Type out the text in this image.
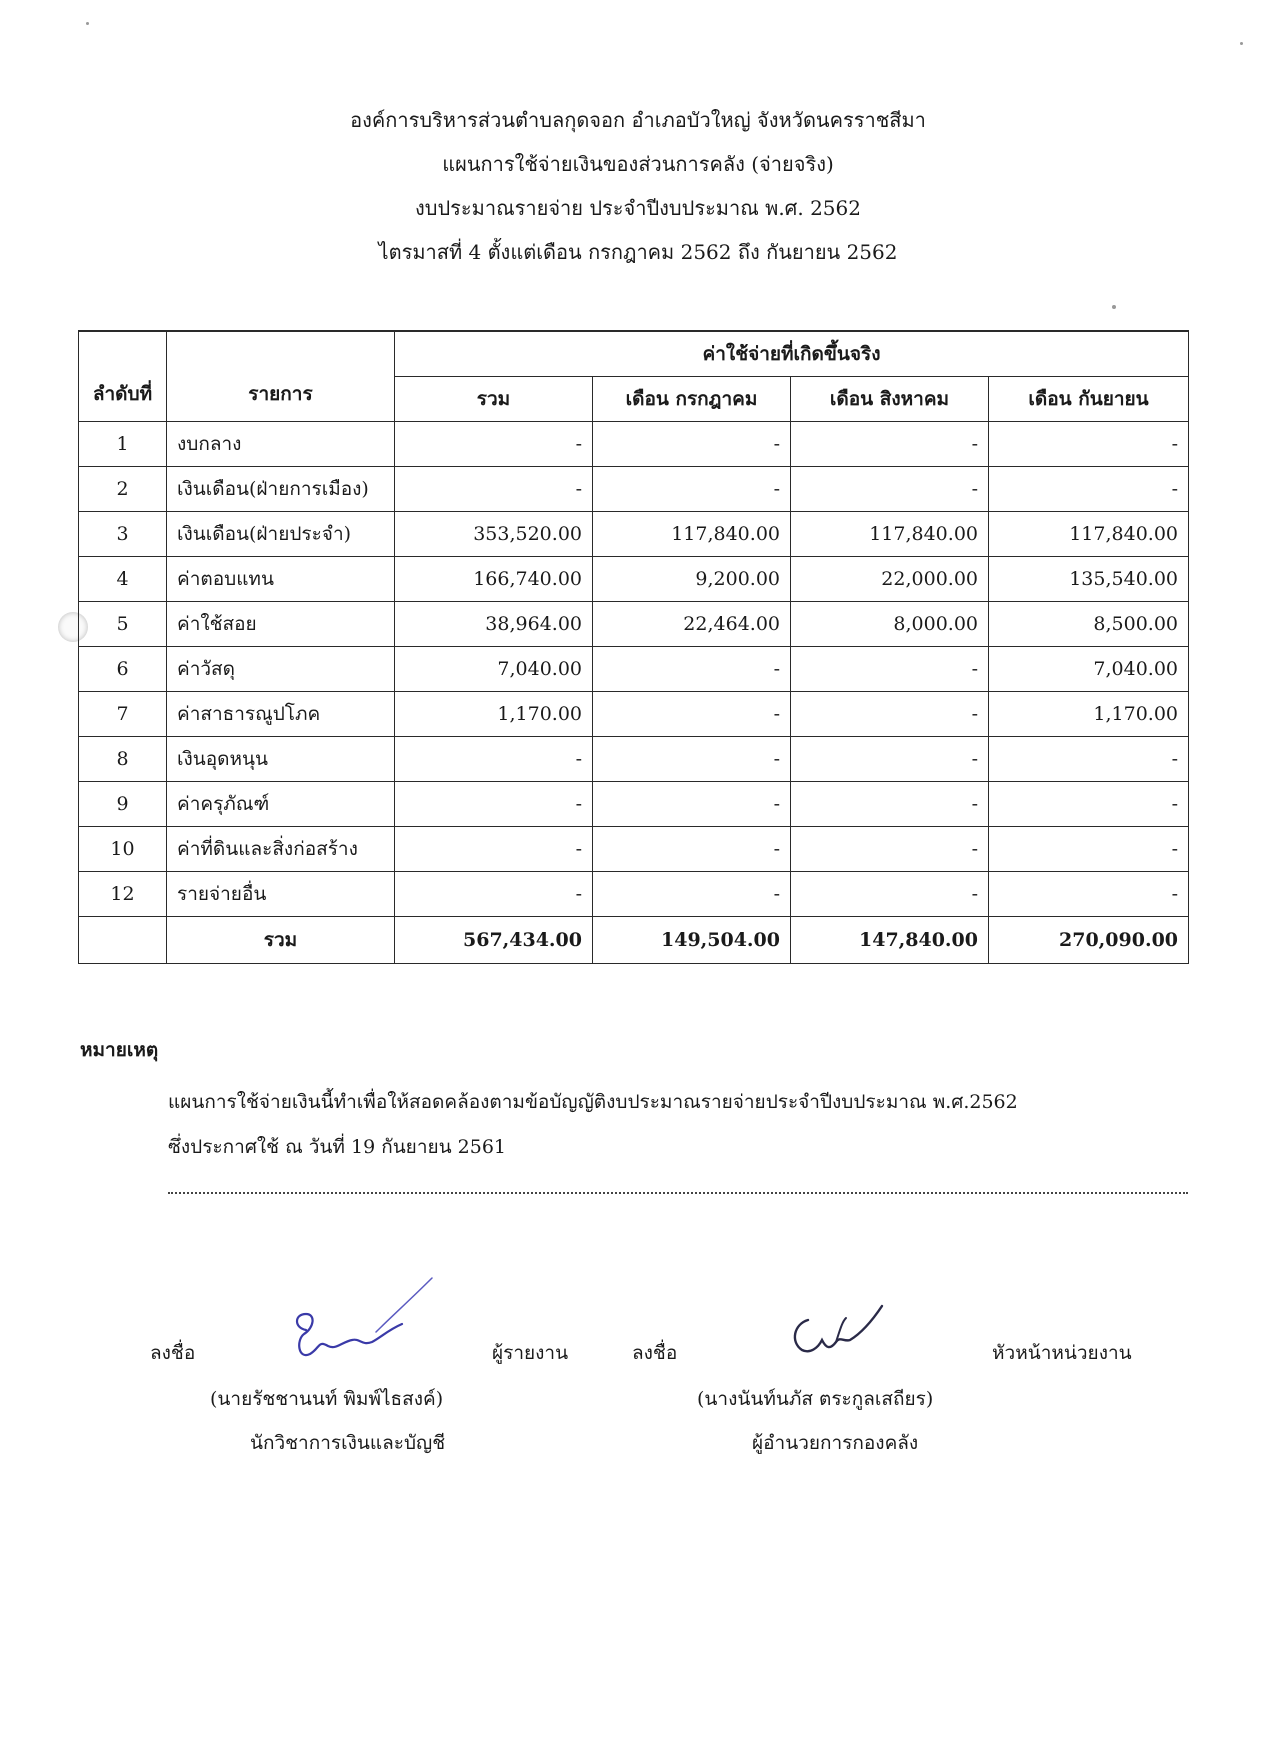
องค์การบริหารส่วนตำบลกุดจอก อำเภอบัวใหญ่ จังหวัดนครราชสีมา
แผนการใช้จ่ายเงินของส่วนการคลัง (จ่ายจริง)
งบประมาณรายจ่าย ประจำปีงบประมาณ พ.ศ. 2562
ไตรมาสที่ 4 ตั้งแต่เดือน กรกฎาคม 2562 ถึง กันยายน 2562
ลำดับที่	รายการ	ค่าใช้จ่ายที่เกิดขึ้นจริง			
		รวม	เดือน กรกฎาคม	เดือน สิงหาคม	เดือน กันยายน
1	งบกลาง	-	-	-	-
2	เงินเดือน(ฝ่ายการเมือง)	-	-	-	-
3	เงินเดือน(ฝ่ายประจำ)	353,520.00	117,840.00	117,840.00	117,840.00
4	ค่าตอบแทน	166,740.00	9,200.00	22,000.00	135,540.00
5	ค่าใช้สอย	38,964.00	22,464.00	8,000.00	8,500.00
6	ค่าวัสดุ	7,040.00	-	-	7,040.00
7	ค่าสาธารณูปโภค	1,170.00	-	-	1,170.00
8	เงินอุดหนุน	-	-	-	-
9	ค่าครุภัณฑ์	-	-	-	-
10	ค่าที่ดินและสิ่งก่อสร้าง	-	-	-	-
12	รายจ่ายอื่น	-	-	-	-
	รวม	567,434.00	149,504.00	147,840.00	270,090.00
หมายเหตุ
แผนการใช้จ่ายเงินนี้ทำเพื่อให้สอดคล้องตามข้อบัญญัติงบประมาณรายจ่ายประจำปีงบประมาณ พ.ศ.2562
ซึ่งประกาศใช้ ณ วันที่ 19 กันยายน 2561
ลงชื่อ	ผู้รายงาน
(นายรัชชานนท์ พิมพ์ไธสงค์)
นักวิชาการเงินและบัญชี
ลงชื่อ	หัวหน้าหน่วยงาน
(นางนันท์นภัส ตระกูลเสถียร)
ผู้อำนวยการกองคลัง
